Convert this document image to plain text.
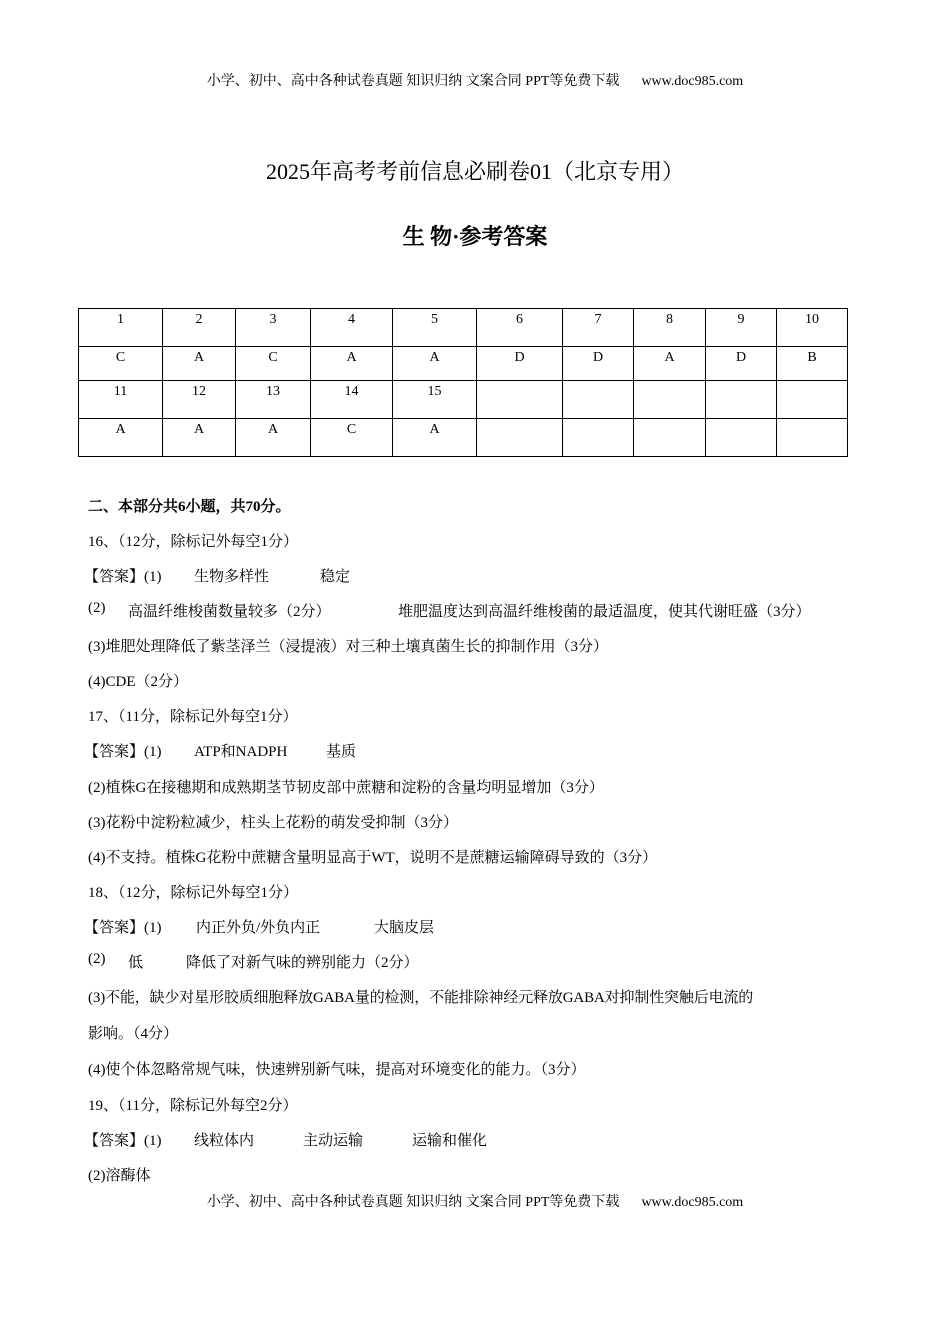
小学、初中、高中各种试卷真题 知识归纳 文案合同 PPT等免费下载 www.doc985.com
2025年高考考前信息必刷卷01（北京专用）
生 物·参考答案
1	2	3	4	5	6	7	8	9	10
C	A	C	A	A	D	D	A	D	B
11	12	13	14	15					
A	A	A	C	A					
二、本部分共6小题，共70分。
16、（12分，除标记外每空1分）
【答案】(1) 生物多样性	稳定
(2) 高温纤维梭菌数量较多（2分）	堆肥温度达到高温纤维梭菌的最适温度，使其代谢旺盛（3分）
(3)堆肥处理降低了紫茎泽兰（浸提液）对三种土壤真菌生长的抑制作用（3分）
(4)CDE（2分）
17、（11分，除标记外每空1分）
【答案】(1) ATP和NADPH	基质
(2)植株G在接穗期和成熟期茎节韧皮部中蔗糖和淀粉的含量均明显增加（3分）
(3)花粉中淀粉粒减少，柱头上花粉的萌发受抑制（3分）
(4)不支持。植株G花粉中蔗糖含量明显高于WT，说明不是蔗糖运输障碍导致的（3分）
18、（12分，除标记外每空1分）
【答案】(1) 内正外负/外负内正	大脑皮层
(2) 低	降低了对新气味的辨别能力（2分）
(3)不能，缺少对星形胶质细胞释放GABA量的检测，不能排除神经元释放GABA对抑制性突触后电流的
影响。（4分）
(4)使个体忽略常规气味，快速辨别新气味，提高对环境变化的能力。（3分）
19、（11分，除标记外每空2分）
【答案】(1) 线粒体内	主动运输	运输和催化
(2)溶酶体
小学、初中、高中各种试卷真题 知识归纳 文案合同 PPT等免费下载 www.doc985.com
